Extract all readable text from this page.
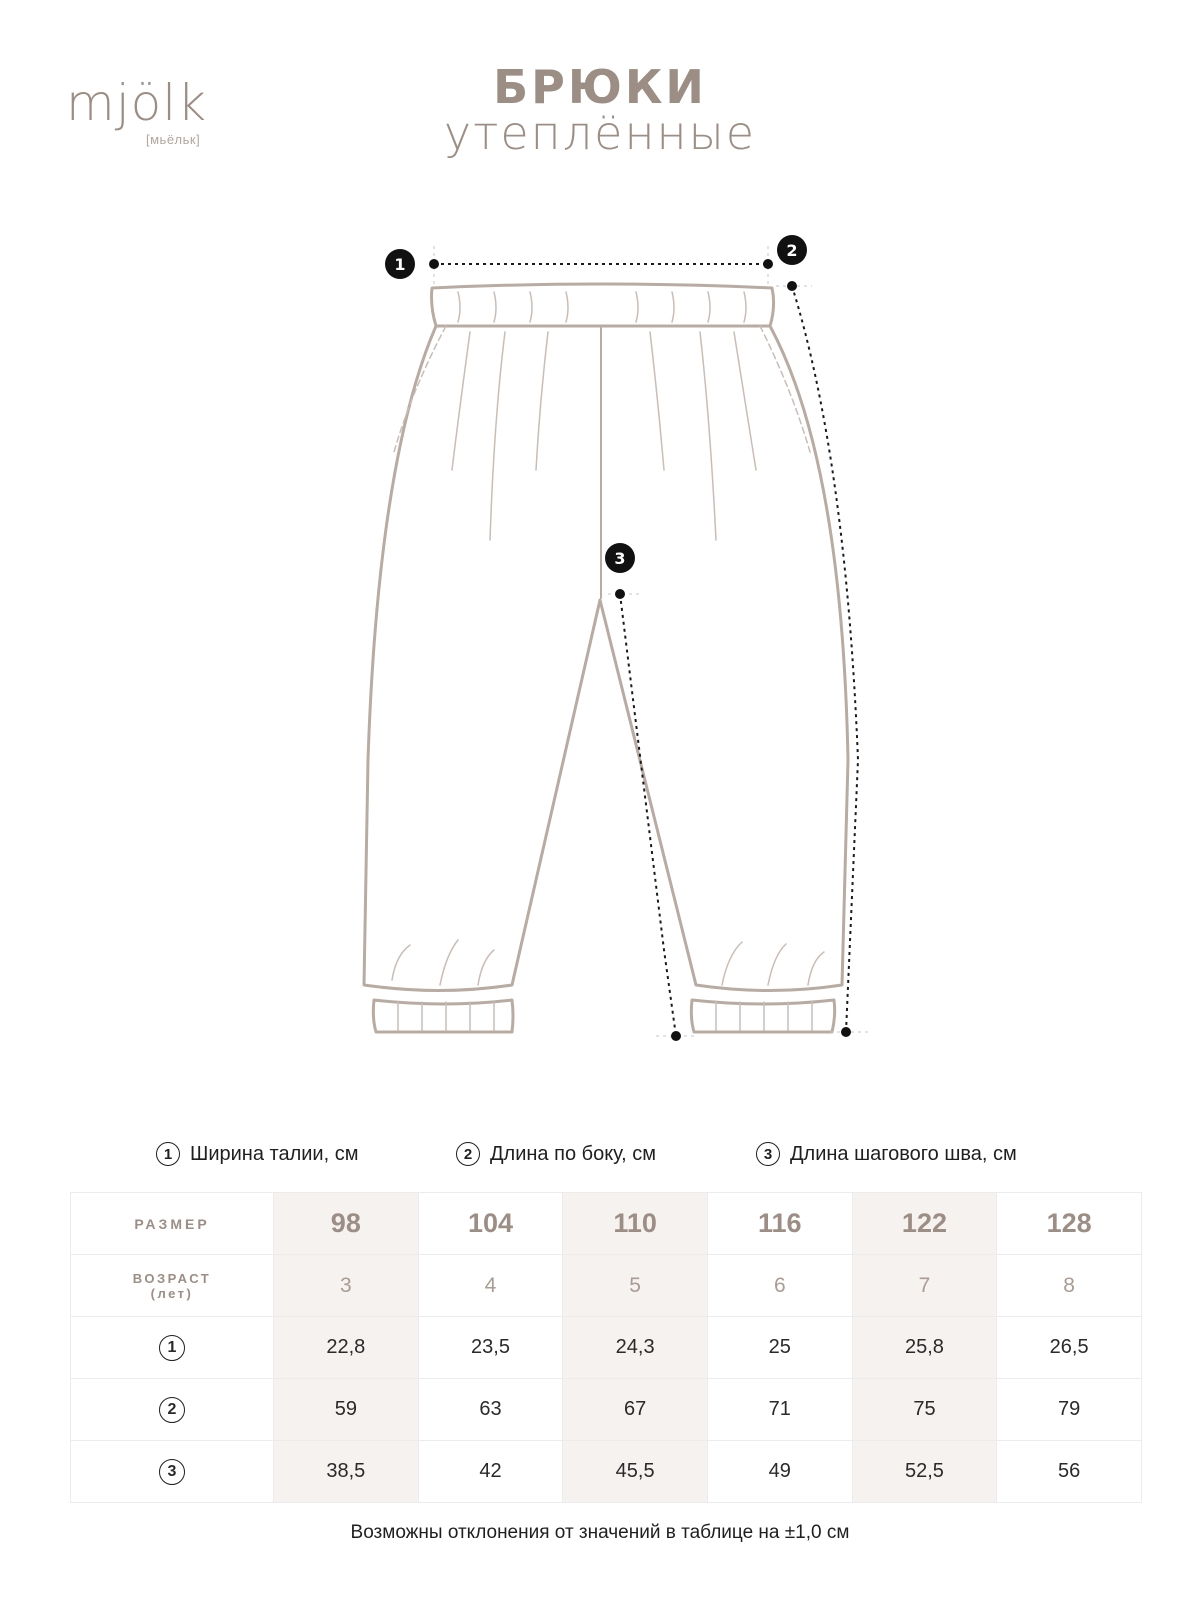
mjölk
[мьёльк]
БРЮКИ
утеплённые
1
2
3
1 Ширина талии, см	2 Длина по боку, см	3 Длина шагового шва, см
РАЗМЕР	98	104	110	116	122	128

ВОЗРАСТ
(лет)	3	4	5	6	7	8
1	22,8	23,5	24,3	25	25,8	26,5
2	59	63	67	71	75	79
3	38,5	42	45,5	49	52,5	56
Возможны отклонения от значений в таблице на ±1,0 см
